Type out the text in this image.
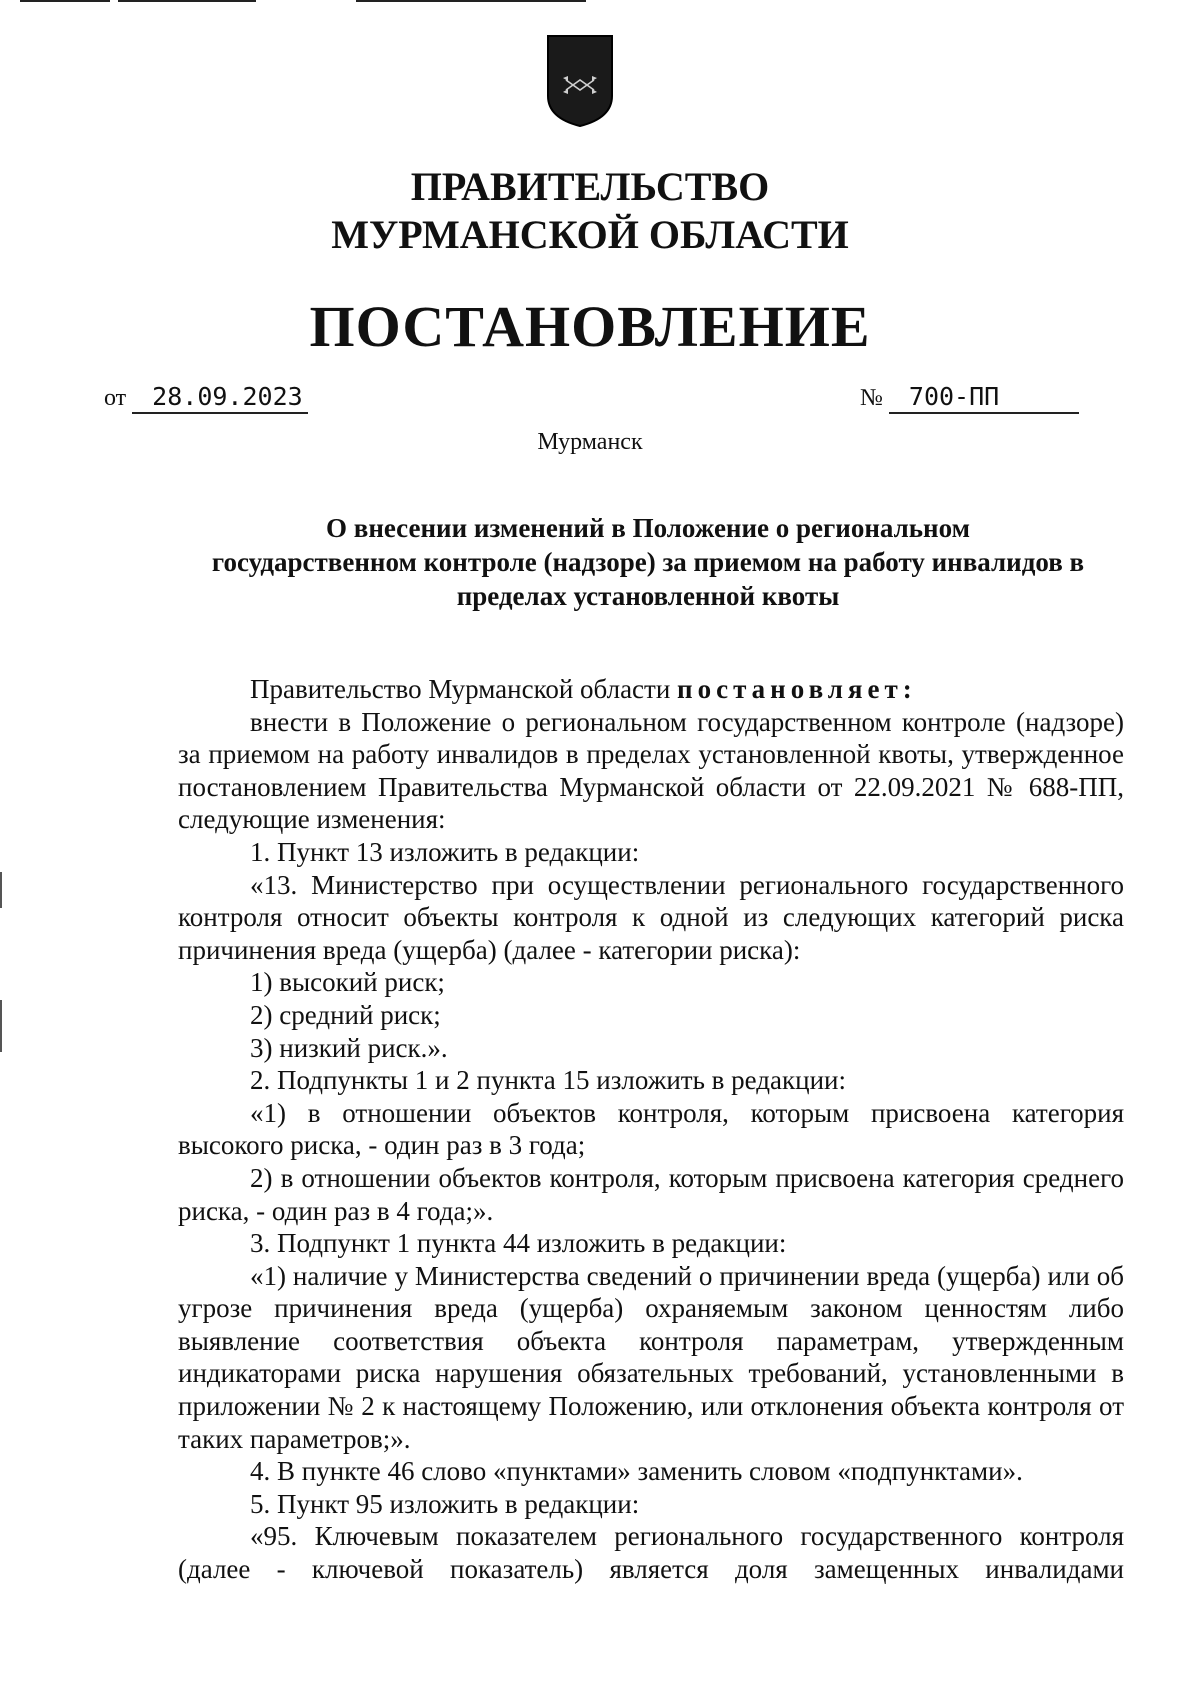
ПРАВИТЕЛЬСТВО
МУРМАНСКОЙ ОБЛАСТИ
ПОСТАНОВЛЕНИЕ
от 28.09.2023	№ 700-ПП
Мурманск
О внесении изменений в Положение о региональном
государственном контроле (надзоре) за приемом на работу инвалидов в
пределах установленной квоты

Правительство Мурманской области постановляет:

внести в Положение о региональном государственном контроле (надзоре) за приемом на работу инвалидов в пределах установленной квоты, утвержденное постановлением Правительства Мурманской области от 22.09.2021 № 688-ПП, следующие изменения:

1. Пункт 13 изложить в редакции:

«13. Министерство при осуществлении регионального государственного контроля относит объекты контроля к одной из следующих категорий риска причинения вреда (ущерба) (далее - категории риска):

1) высокий риск;

2) средний риск;

3) низкий риск.».

2. Подпункты 1 и 2 пункта 15 изложить в редакции:

«1) в отношении объектов контроля, которым присвоена категория высокого риска, - один раз в 3 года;

2) в отношении объектов контроля, которым присвоена категория среднего риска, - один раз в 4 года;».

3. Подпункт 1 пункта 44 изложить в редакции:

«1) наличие у Министерства сведений о причинении вреда (ущерба) или об угрозе причинения вреда (ущерба) охраняемым законом ценностям либо выявление соответствия объекта контроля параметрам, утвержденным индикаторами риска нарушения обязательных требований, установленными в приложении № 2 к настоящему Положению, или отклонения объекта контроля от таких параметров;».

4. В пункте 46 слово «пунктами» заменить словом «подпунктами».

5. Пункт 95 изложить в редакции:

«95. Ключевым показателем регионального государственного контроля (далее - ключевой показатель) является доля замещенных инвалидами
